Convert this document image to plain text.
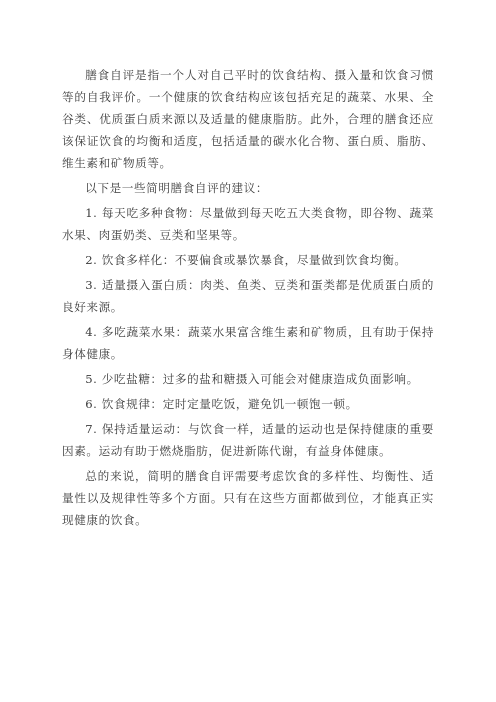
膳食自评是指一个人对自己平时的饮食结构、摄入量和饮食习惯等的自我评价。一个健康的饮食结构应该包括充足的蔬菜、水果、全谷类、优质蛋白质来源以及适量的健康脂肪。此外，合理的膳食还应该保证饮食的均衡和适度，包括适量的碳水化合物、蛋白质、脂肪、维生素和矿物质等。

以下是一些简明膳食自评的建议：

1. 每天吃多种食物：尽量做到每天吃五大类食物，即谷物、蔬菜水果、肉蛋奶类、豆类和坚果等。

2. 饮食多样化：不要偏食或暴饮暴食，尽量做到饮食均衡。

3. 适量摄入蛋白质：肉类、鱼类、豆类和蛋类都是优质蛋白质的良好来源。

4. 多吃蔬菜水果：蔬菜水果富含维生素和矿物质，且有助于保持身体健康。

5. 少吃盐糖：过多的盐和糖摄入可能会对健康造成负面影响。

6. 饮食规律：定时定量吃饭，避免饥一顿饱一顿。

7. 保持适量运动：与饮食一样，适量的运动也是保持健康的重要因素。运动有助于燃烧脂肪，促进新陈代谢，有益身体健康。

总的来说，简明的膳食自评需要考虑饮食的多样性、均衡性、适量性以及规律性等多个方面。只有在这些方面都做到位，才能真正实现健康的饮食。
